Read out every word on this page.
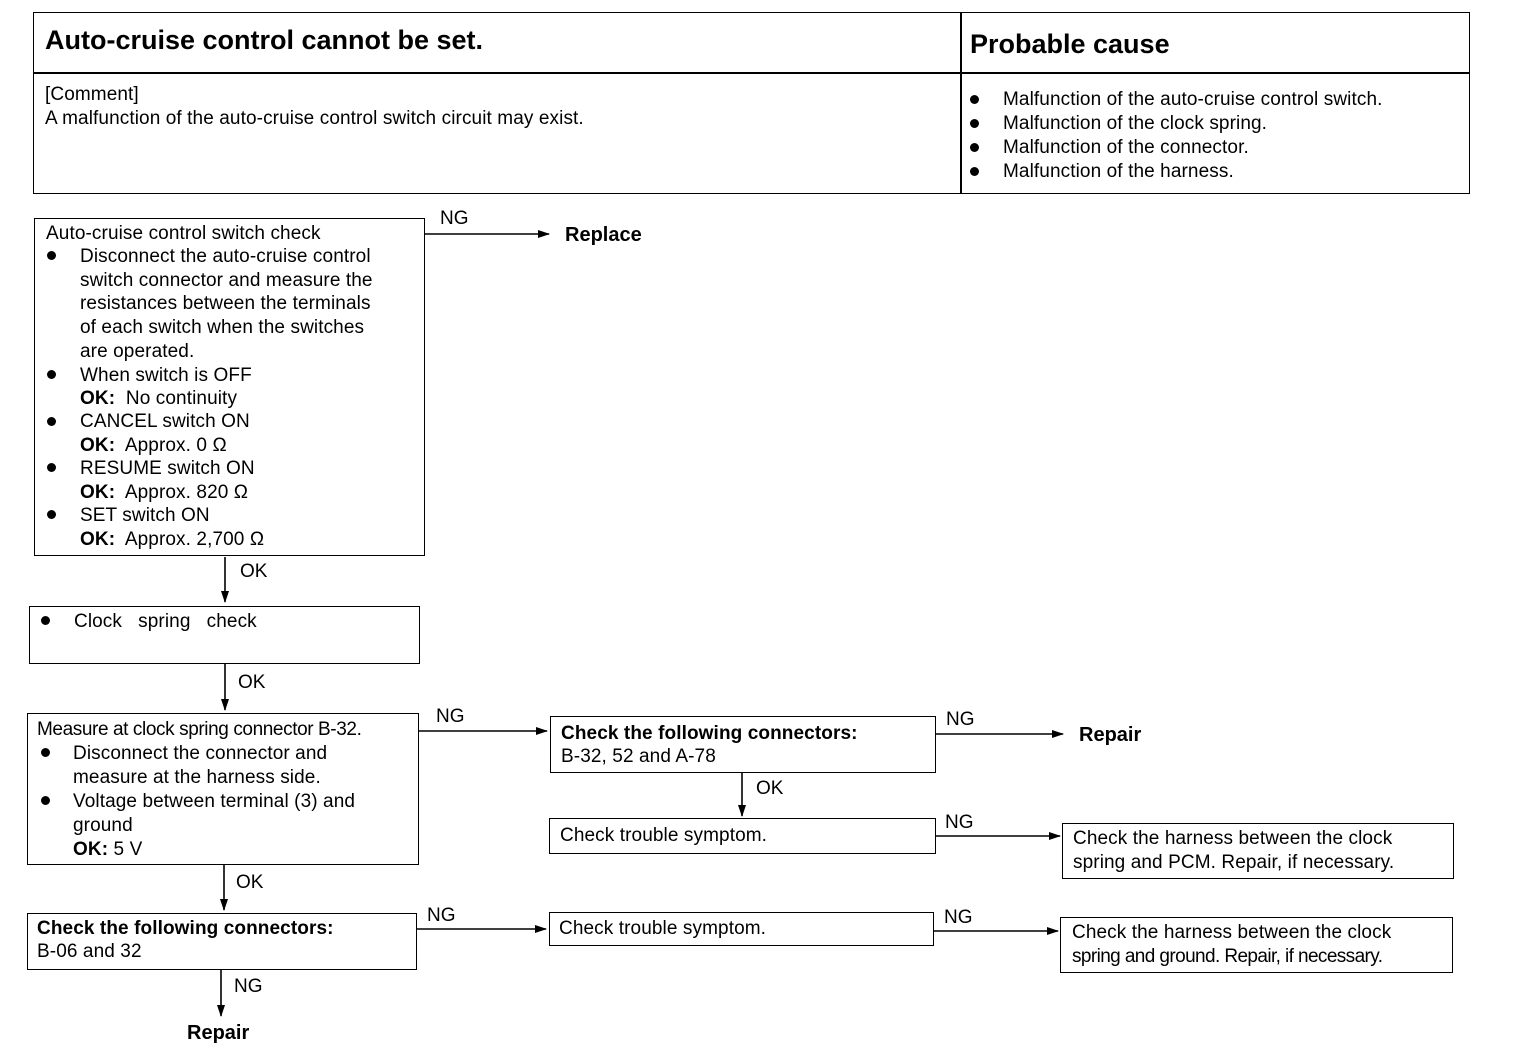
Auto-cruise control cannot be set.	Probable cause
[Comment]
A malfunction of the auto-cruise control switch circuit may exist.
Malfunction of the auto-cruise control switch.
Malfunction of the clock spring.
Malfunction of the connector.
Malfunction of the harness.
Auto-cruise control switch check
Disconnect the auto-cruise control
switch connector and measure the
resistances between the terminals
of each switch when the switches
are operated.
When switch is OFF
OK: No continuity
CANCEL switch ON
OK: Approx. 0 Ω
RESUME switch ON
OK: Approx. 820 Ω
SET switch ON
OK: Approx. 2,700 Ω
Clock   spring   check
Measure at clock spring connector B-32.
Disconnect the connector and
measure at the harness side.
Voltage between terminal (3) and
ground
OK: 5 V
Check the following connectors:
B-06 and 32
Check the following connectors:
B-32, 52 and A-78
Check trouble symptom.
Check trouble symptom.
Check the harness between the clock
spring and PCM. Repair, if necessary.
Check the harness between the clock
spring and ground. Repair, if necessary.
NG
OK
OK
NG	NG
OK
NG
OK
NG	NG
NG
Replace
Repair
Repair
